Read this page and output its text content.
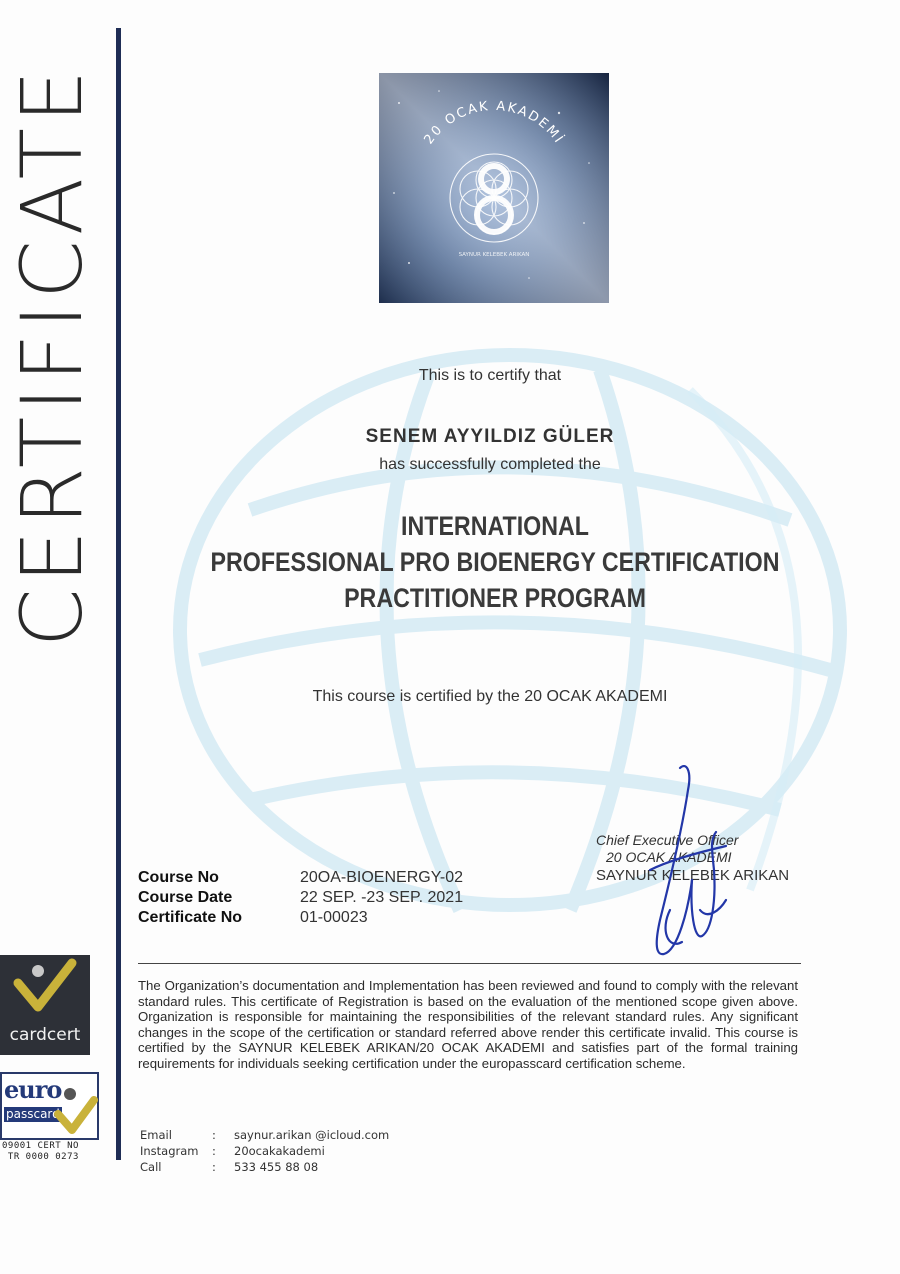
CERTIFICATE	20 OCAK AKADEMİ
SAYNUR KELEBEK ARIKAN
This is to certify that
SENEM AYYILDIZ GÜLER
has successfully completed the
INTERNATIONAL
PROFESSIONAL PRO BIOENERGY CERTIFICATION
PRACTITIONER PROGRAM
This course is certified by the 20 OCAK AKADEMI
Course No	20OA-BIOENERGY-02
Course Date	22 SEP. -23 SEP. 2021
Certificate No	01-00023
Chief Executive Officer
20 OCAK AKADEMI
SAYNUR KELEBEK ARIKAN
The Organization’s documentation and Implementation has been reviewed and found to comply with the relevant standard rules. This certificate of Registration is based on the evaluation of the mentioned scope given above. Organization is responsible for maintaining the responsibilities of the relevant standard rules. Any significant changes in the scope of the certification or standard referred above render this certificate invalid. This course is certified by the SAYNUR KELEBEK ARIKAN/20 OCAK AKADEMI and satisfies part of the formal training requirements for individuals seeking certification under the europasscard certification scheme.
Email	:	saynur.arikan @icloud.com
Instagram	:	20ocakakademi
Call	:	533 455 88 08
cardcert
euro
passcard
09001 CERT NO
TR 0000 0273
